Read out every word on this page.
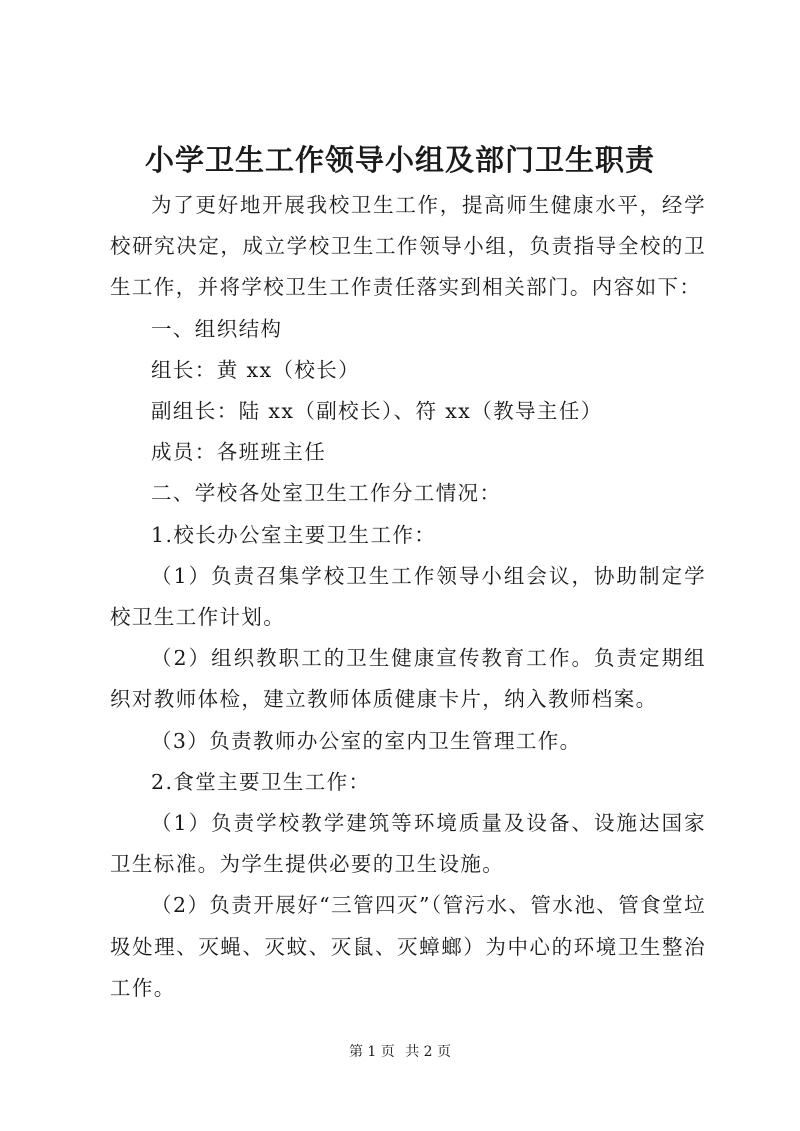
小学卫生工作领导小组及部门卫生职责

为了更好地开展我校卫生工作，提高师生健康水平，经学校研究决定，成立学校卫生工作领导小组，负责指导全校的卫生工作，并将学校卫生工作责任落实到相关部门。内容如下：

一、组织结构

组长：黄 xx（校长）

副组长：陆 xx（副校长）、符 xx（教导主任）

成员：各班班主任

二、学校各处室卫生工作分工情况：

1.校长办公室主要卫生工作：

（1）负责召集学校卫生工作领导小组会议，协助制定学校卫生工作计划。

（2）组织教职工的卫生健康宣传教育工作。负责定期组织对教师体检，建立教师体质健康卡片，纳入教师档案。

（3）负责教师办公室的室内卫生管理工作。

2.食堂主要卫生工作：

（1）负责学校教学建筑等环境质量及设备、设施达国家卫生标准。为学生提供必要的卫生设施。

（2）负责开展好“三管四灭”（管污水、管水池、管食堂垃圾处理、灭蝇、灭蚊、灭鼠、灭蟑螂）为中心的环境卫生整治工作。

第 1 页 共 2 页
